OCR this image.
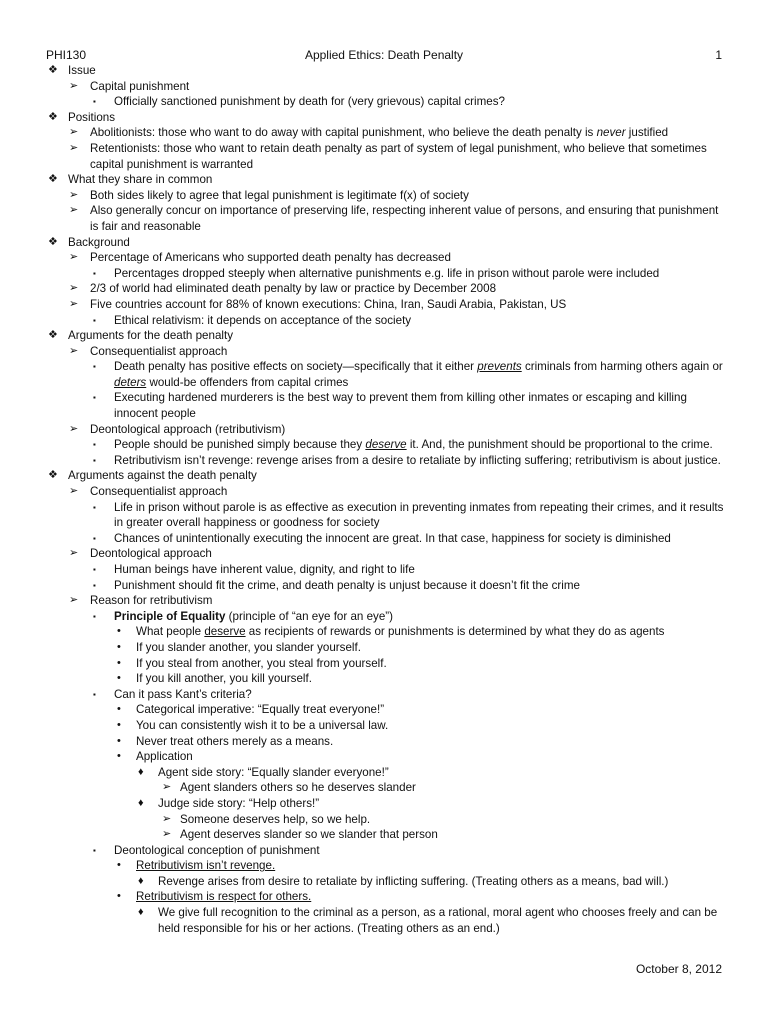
PHI130	Applied Ethics: Death Penalty	1
❖ Issue
➢ Capital punishment
▪ Officially sanctioned punishment by death for (very grievous) capital crimes?
❖ Positions
➢ Abolitionists: those who want to do away with capital punishment, who believe the death penalty is never justified
➢ Retentionists: those who want to retain death penalty as part of system of legal punishment, who believe that sometimes capital punishment is warranted
❖ What they share in common
➢ Both sides likely to agree that legal punishment is legitimate f(x) of society
➢ Also generally concur on importance of preserving life, respecting inherent value of persons, and ensuring that punishment is fair and reasonable
❖ Background
➢ Percentage of Americans who supported death penalty has decreased
▪ Percentages dropped steeply when alternative punishments e.g. life in prison without parole were included
➢ 2/3 of world had eliminated death penalty by law or practice by December 2008
➢ Five countries account for 88% of known executions: China, Iran, Saudi Arabia, Pakistan, US
▪ Ethical relativism: it depends on acceptance of the society
❖ Arguments for the death penalty
➢ Consequentialist approach
▪ Death penalty has positive effects on society—specifically that it either prevents criminals from harming others again or deters would-be offenders from capital crimes
▪ Executing hardened murderers is the best way to prevent them from killing other inmates or escaping and killing innocent people
➢ Deontological approach (retributivism)
▪ People should be punished simply because they deserve it. And, the punishment should be proportional to the crime.
▪ Retributivism isn’t revenge: revenge arises from a desire to retaliate by inflicting suffering; retributivism is about justice.
❖ Arguments against the death penalty
➢ Consequentialist approach
▪ Life in prison without parole is as effective as execution in preventing inmates from repeating their crimes, and it results in greater overall happiness or goodness for society
▪ Chances of unintentionally executing the innocent are great. In that case, happiness for society is diminished
➢ Deontological approach
▪ Human beings have inherent value, dignity, and right to life
▪ Punishment should fit the crime, and death penalty is unjust because it doesn’t fit the crime
➢ Reason for retributivism
▪ Principle of Equality (principle of “an eye for an eye”)
• What people deserve as recipients of rewards or punishments is determined by what they do as agents
• If you slander another, you slander yourself.
• If you steal from another, you steal from yourself.
• If you kill another, you kill yourself.
▪ Can it pass Kant’s criteria?
• Categorical imperative: “Equally treat everyone!”
• You can consistently wish it to be a universal law.
• Never treat others merely as a means.
• Application
♦ Agent side story: “Equally slander everyone!”
➢ Agent slanders others so he deserves slander
♦ Judge side story: “Help others!”
➢ Someone deserves help, so we help.
➢ Agent deserves slander so we slander that person
▪ Deontological conception of punishment
• Retributivism isn’t revenge.
♦ Revenge arises from desire to retaliate by inflicting suffering. (Treating others as a means, bad will.)
• Retributivism is respect for others.
♦ We give full recognition to the criminal as a person, as a rational, moral agent who chooses freely and can be held responsible for his or her actions. (Treating others as an end.)
October 8, 2012
